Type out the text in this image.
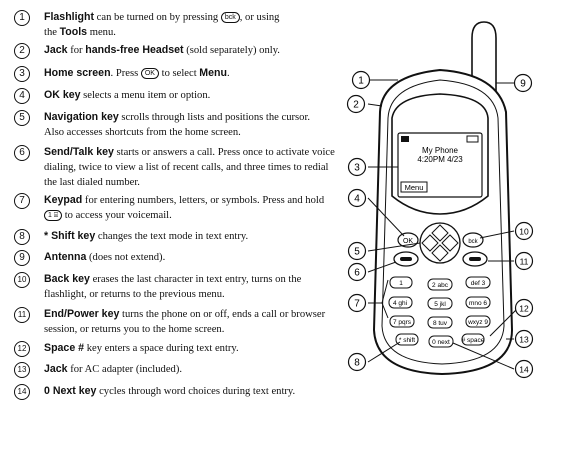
1	Flashlight can be turned on by pressing bck , or using
the Tools menu.
2	Jack for hands-free Headset (sold separately) only.
3	Home screen. Press OK to select Menu.
4	OK key selects a menu item or option.
5	Navigation key scrolls through lists and positions the cursor.
Also accesses shortcuts from the home screen.
6	Send/Talk key starts or answers a call. Press once to activate voice
dialing, twice to view a list of recent calls, and three times to redial
the last dialed number.
7	Keypad for entering numbers, letters, or symbols. Press and hold
1 ⌸ to access your voicemail.
8	* Shift key changes the text mode in text entry.
9	Antenna (does not extend).
10	Back key erases the last character in text entry, turns on the
flashlight, or returns to the previous menu.
11	End/Power key turns the phone on or off, ends a call or browser
session, or returns you to the home screen.
12	Space # key enters a space during text entry.
13	Jack for AC adapter (included).
14	0 Next key cycles through word choices during text entry.
My Phone
4:20PM 4/23
Menu
OK	bck
1	2 abc	def 3
4 ghi	5 jkl	mno 6
7 pqrs	8 tuv	wxyz 9
* shift	0 next # space
1
2
3
4
5
6
7
8
9
10
11
12
13
14
